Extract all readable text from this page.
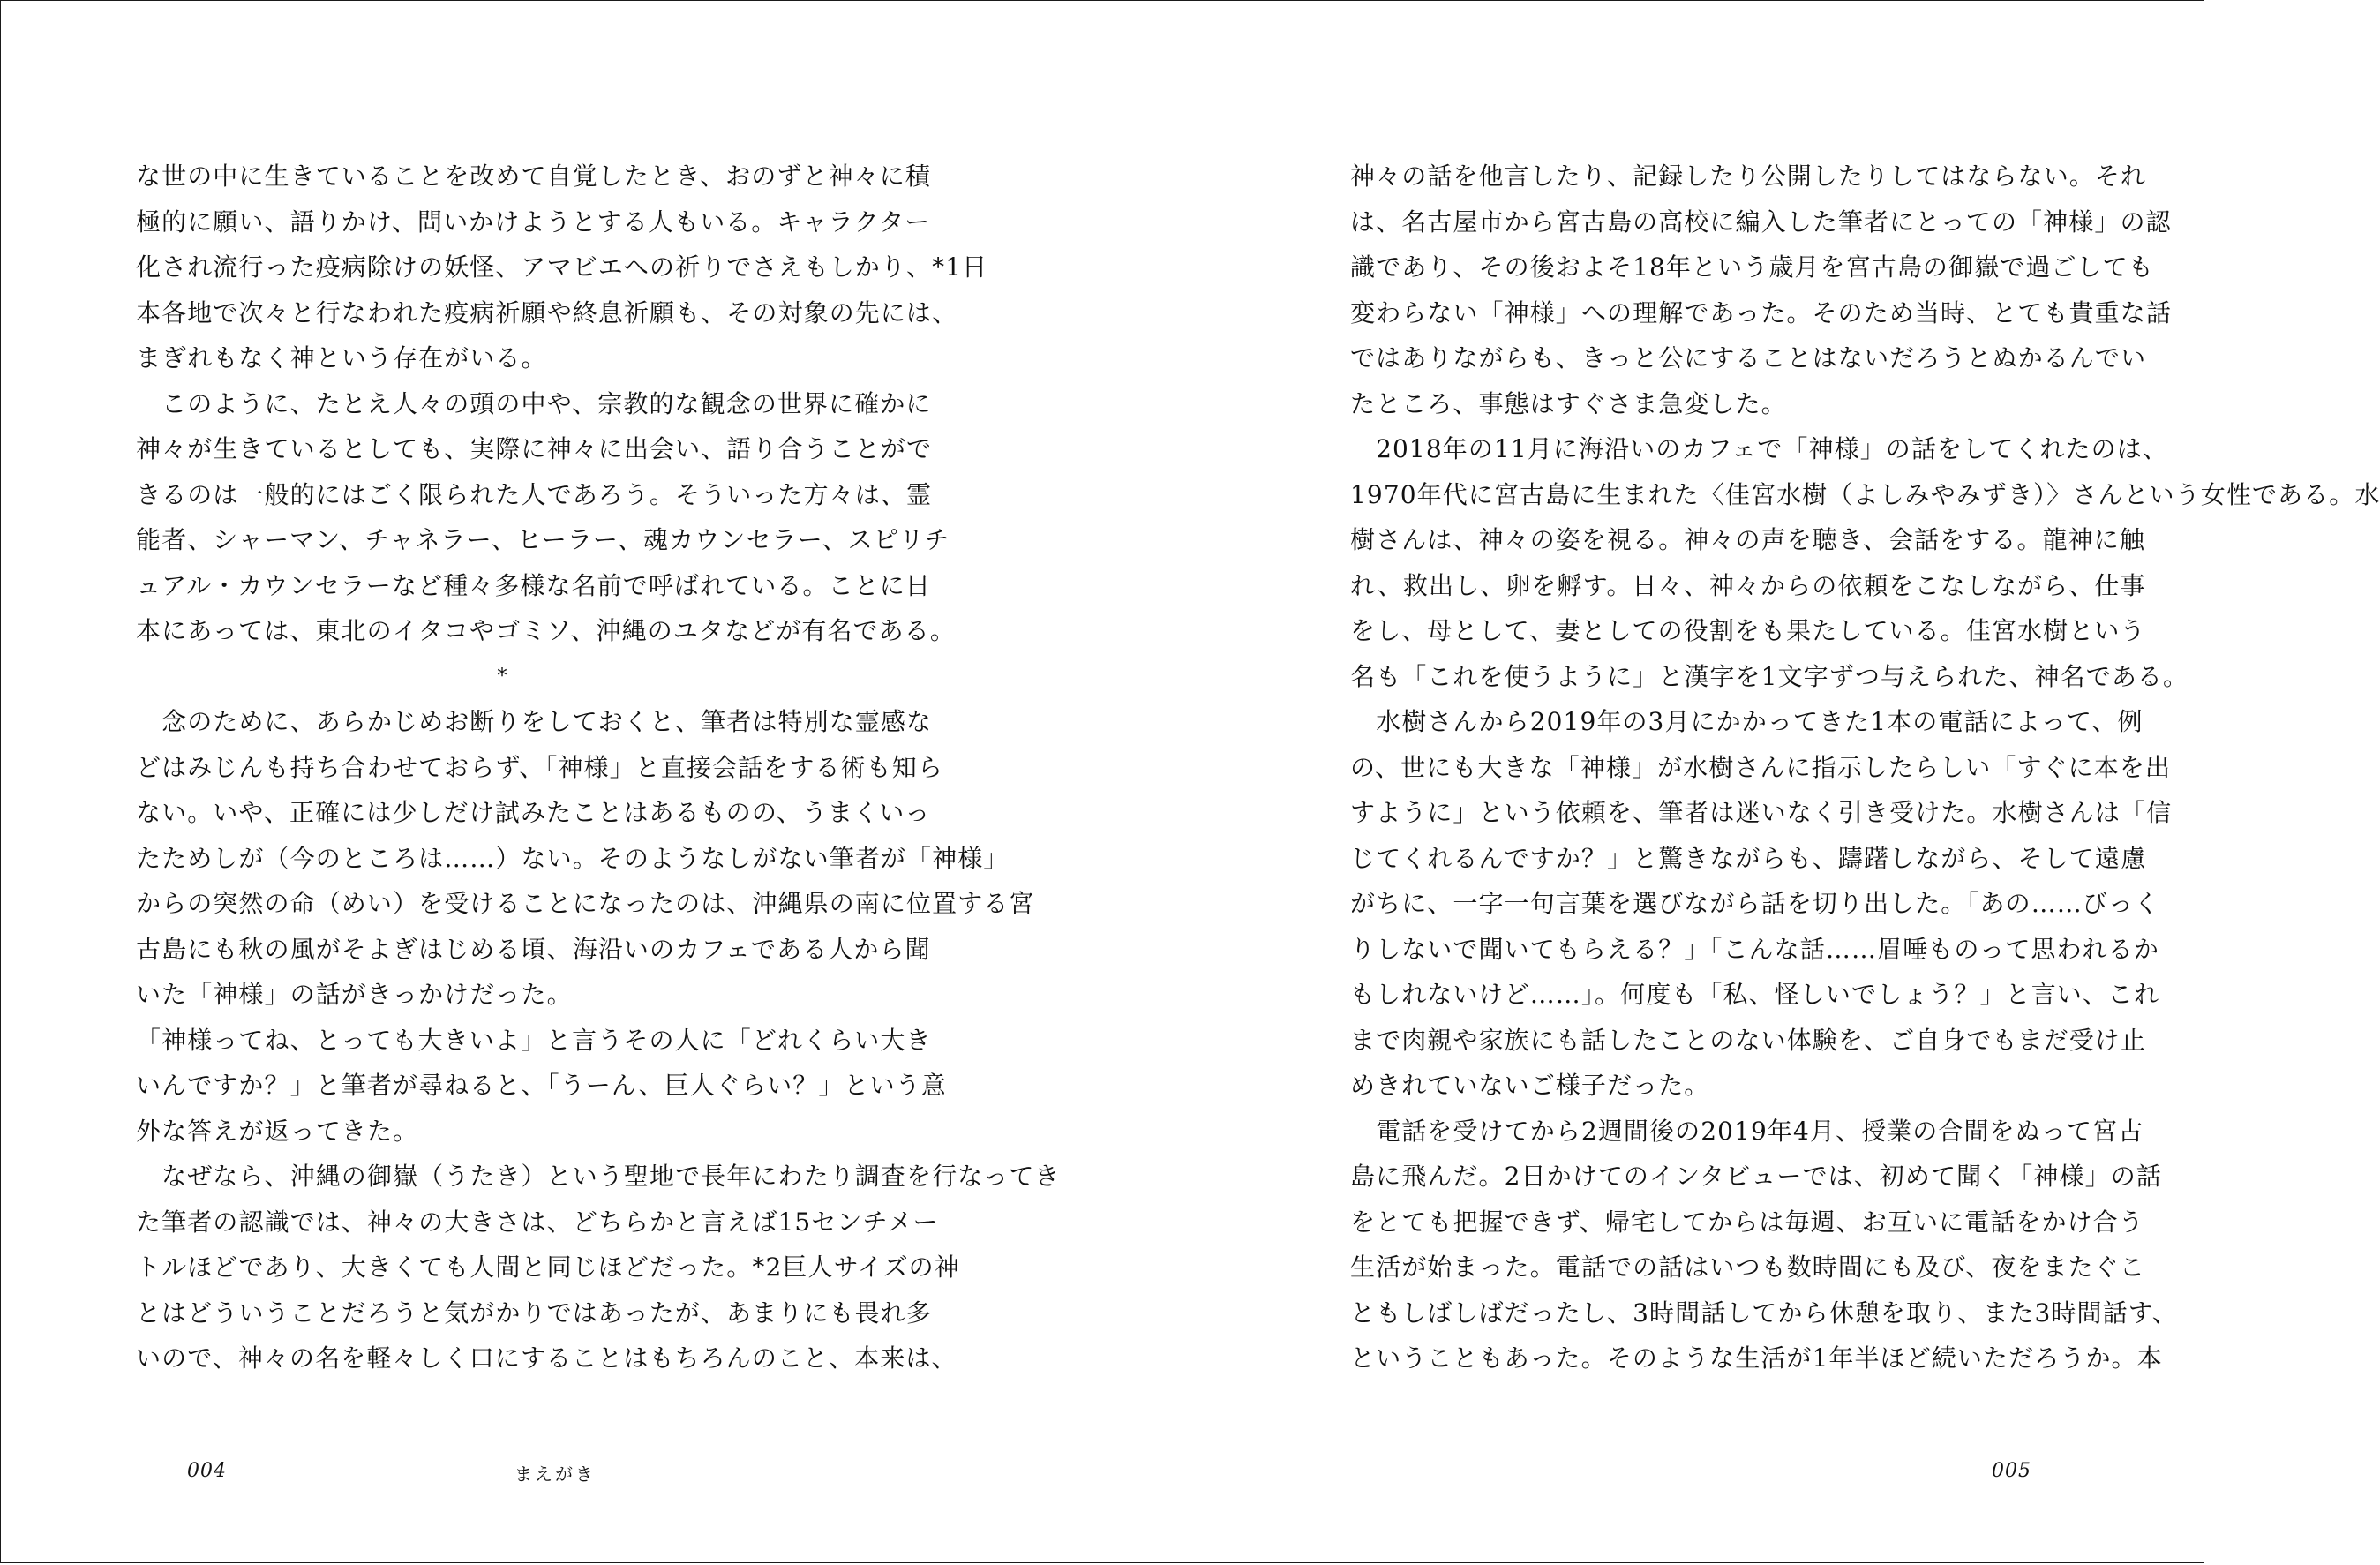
な世の中に生きていることを改めて自覚したとき、おのずと神々に積
極的に願い、語りかけ、問いかけようとする人もいる。キャラクター
化され流行った疫病除けの妖怪、アマビエへの祈りでさえもしかり、*1日
本各地で次々と行なわれた疫病祈願や終息祈願も、その対象の先には、
まぎれもなく神という存在がいる。
　このように、たとえ人々の頭の中や、宗教的な観念の世界に確かに
神々が生きているとしても、実際に神々に出会い、語り合うことがで
きるのは一般的にはごく限られた人であろう。そういった方々は、霊
能者、シャーマン、チャネラー、ヒーラー、魂カウンセラー、スピリチ
ュアル・カウンセラーなど種々多様な名前で呼ばれている。ことに日
本にあっては、東北のイタコやゴミソ、沖縄のユタなどが有名である。
*
　念のために、あらかじめお断りをしておくと、筆者は特別な霊感な
どはみじんも持ち合わせておらず、「神様」と直接会話をする術も知ら
ない。いや、正確には少しだけ試みたことはあるものの、うまくいっ
たためしが（今のところは……）ない。そのようなしがない筆者が「神様」
からの突然の命（めい）を受けることになったのは、沖縄県の南に位置する宮
古島にも秋の風がそよぎはじめる頃、海沿いのカフェである人から聞
いた「神様」の話がきっかけだった。
「神様ってね、とっても大きいよ」と言うその人に「どれくらい大き
いんですか？」と筆者が尋ねると、「うーん、巨人ぐらい？」という意
外な答えが返ってきた。
　なぜなら、沖縄の御嶽（うたき）という聖地で長年にわたり調査を行なってき
た筆者の認識では、神々の大きさは、どちらかと言えば15センチメー
トルほどであり、大きくても人間と同じほどだった。*2巨人サイズの神
とはどういうことだろうと気がかりではあったが、あまりにも畏れ多
いので、神々の名を軽々しく口にすることはもちろんのこと、本来は、
神々の話を他言したり、記録したり公開したりしてはならない。それ
は、名古屋市から宮古島の高校に編入した筆者にとっての「神様」の認
識であり、その後およそ18年という歳月を宮古島の御嶽で過ごしても
変わらない「神様」への理解であった。そのため当時、とても貴重な話
ではありながらも、きっと公にすることはないだろうとぬかるんでい
たところ、事態はすぐさま急変した。
　2018年の11月に海沿いのカフェで「神様」の話をしてくれたのは、
1970年代に宮古島に生まれた〈佳宮水樹（よしみやみずき）〉さんという女性である。水
樹さんは、神々の姿を視る。神々の声を聴き、会話をする。龍神に触
れ、救出し、卵を孵す。日々、神々からの依頼をこなしながら、仕事
をし、母として、妻としての役割をも果たしている。佳宮水樹という
名も「これを使うように」と漢字を1文字ずつ与えられた、神名である。
　水樹さんから2019年の3月にかかってきた1本の電話によって、例
の、世にも大きな「神様」が水樹さんに指示したらしい「すぐに本を出
すように」という依頼を、筆者は迷いなく引き受けた。水樹さんは「信
じてくれるんですか？」と驚きながらも、躊躇しながら、そして遠慮
がちに、一字一句言葉を選びながら話を切り出した。「あの……びっく
りしないで聞いてもらえる？」「こんな話……眉唾ものって思われるか
もしれないけど……」。何度も「私、怪しいでしょう？」と言い、これ
まで肉親や家族にも話したことのない体験を、ご自身でもまだ受け止
めきれていないご様子だった。
　電話を受けてから2週間後の2019年4月、授業の合間をぬって宮古
島に飛んだ。2日かけてのインタビューでは、初めて聞く「神様」の話
をとても把握できず、帰宅してからは毎週、お互いに電話をかけ合う
生活が始まった。電話での話はいつも数時間にも及び、夜をまたぐこ
ともしばしばだったし、3時間話してから休憩を取り、また3時間話す、
ということもあった。そのような生活が1年半ほど続いただろうか。本
004	まえがき	005
